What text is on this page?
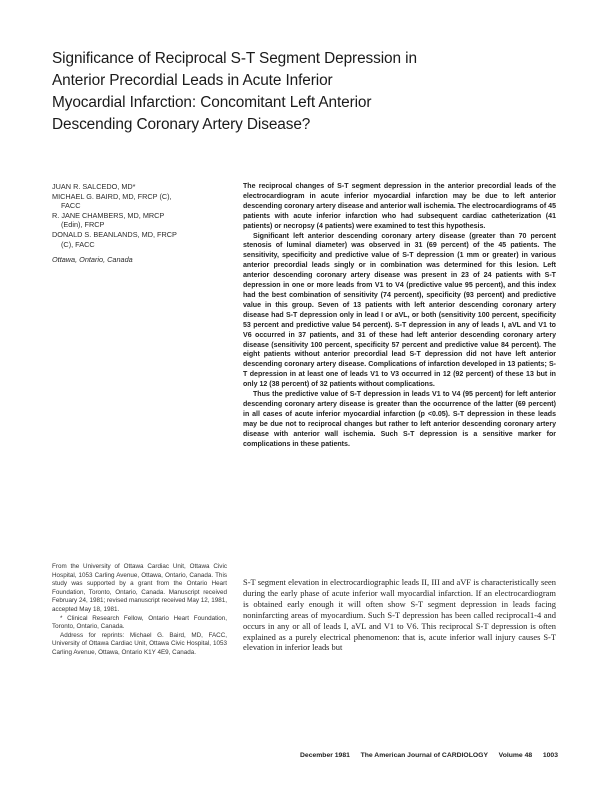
Significance of Reciprocal S-T Segment Depression in
Anterior Precordial Leads in Acute Inferior
Myocardial Infarction: Concomitant Left Anterior
Descending Coronary Artery Disease?
JUAN R. SALCEDO, MD*
MICHAEL G. BAIRD, MD, FRCP (C),
FACC
R. JANE CHAMBERS, MD, MRCP
(Edin), FRCP
DONALD S. BEANLANDS, MD, FRCP
(C), FACC
Ottawa, Ontario, Canada

The reciprocal changes of S-T segment depression in the anterior precordial leads of the electrocardiogram in acute inferior myocardial infarction may be due to left anterior descending coronary artery disease and anterior wall ischemia. The electrocardiograms of 45 patients with acute inferior infarction who had subsequent cardiac catheterization (41 patients) or necropsy (4 patients) were examined to test this hypothesis.

Significant left anterior descending coronary artery disease (greater than 70 percent stenosis of luminal diameter) was observed in 31 (69 percent) of the 45 patients. The sensitivity, specificity and predictive value of S-T depression (1 mm or greater) in various anterior precordial leads singly or in combination was determined for this lesion. Left anterior descending coronary artery disease was present in 23 of 24 patients with S-T depression in one or more leads from V1 to V4 (predictive value 95 percent), and this index had the best combination of sensitivity (74 percent), specificity (93 percent) and predictive value in this group. Seven of 13 patients with left anterior descending coronary artery disease had S-T depression only in lead I or aVL, or both (sensitivity 100 percent, specificity 53 percent and predictive value 54 percent). S-T depression in any of leads I, aVL and V1 to V6 occurred in 37 patients, and 31 of these had left anterior descending coronary artery disease (sensitivity 100 percent, specificity 57 percent and predictive value 84 percent). The eight patients without anterior precordial lead S-T depression did not have left anterior descending coronary artery disease. Complications of infarction developed in 13 patients; S-T depression in at least one of leads V1 to V3 occurred in 12 (92 percent) of these 13 but in only 12 (38 percent) of 32 patients without complications.

Thus the predictive value of S-T depression in leads V1 to V4 (95 percent) for left anterior descending coronary artery disease is greater than the occurrence of the latter (69 percent) in all cases of acute inferior myocardial infarction (p <0.05). S-T depression in these leads may be due not to reciprocal changes but rather to left anterior descending coronary artery disease with anterior wall ischemia. Such S-T depression is a sensitive marker for complications in these patients.

From the University of Ottawa Cardiac Unit, Ottawa Civic Hospital, 1053 Carling Avenue, Ottawa, Ontario, Canada. This study was supported by a grant from the Ontario Heart Foundation, Toronto, Ontario, Canada. Manuscript received February 24, 1981; revised manuscript received May 12, 1981, accepted May 18, 1981.

* Clinical Research Fellow, Ontario Heart Foundation, Toronto, Ontario, Canada.

Address for reprints: Michael G. Baird, MD, FACC, University of Ottawa Cardiac Unit, Ottawa Civic Hospital, 1053 Carling Avenue, Ottawa, Ontario K1Y 4E9, Canada.

S-T segment elevation in electrocardiographic leads II, III and aVF is characteristically seen during the early phase of acute inferior wall myocardial infarction. If an electrocardiogram is obtained early enough it will often show S-T segment depression in leads facing noninfarcting areas of myocardium. Such S-T depression has been called reciprocal1-4 and occurs in any or all of leads I, aVL and V1 to V6. This reciprocal S-T depression is often explained as a purely electrical phenomenon: that is, acute inferior wall injury causes S-T elevation in inferior leads but

December 1981 The American Journal of CARDIOLOGY Volume 48 1003
